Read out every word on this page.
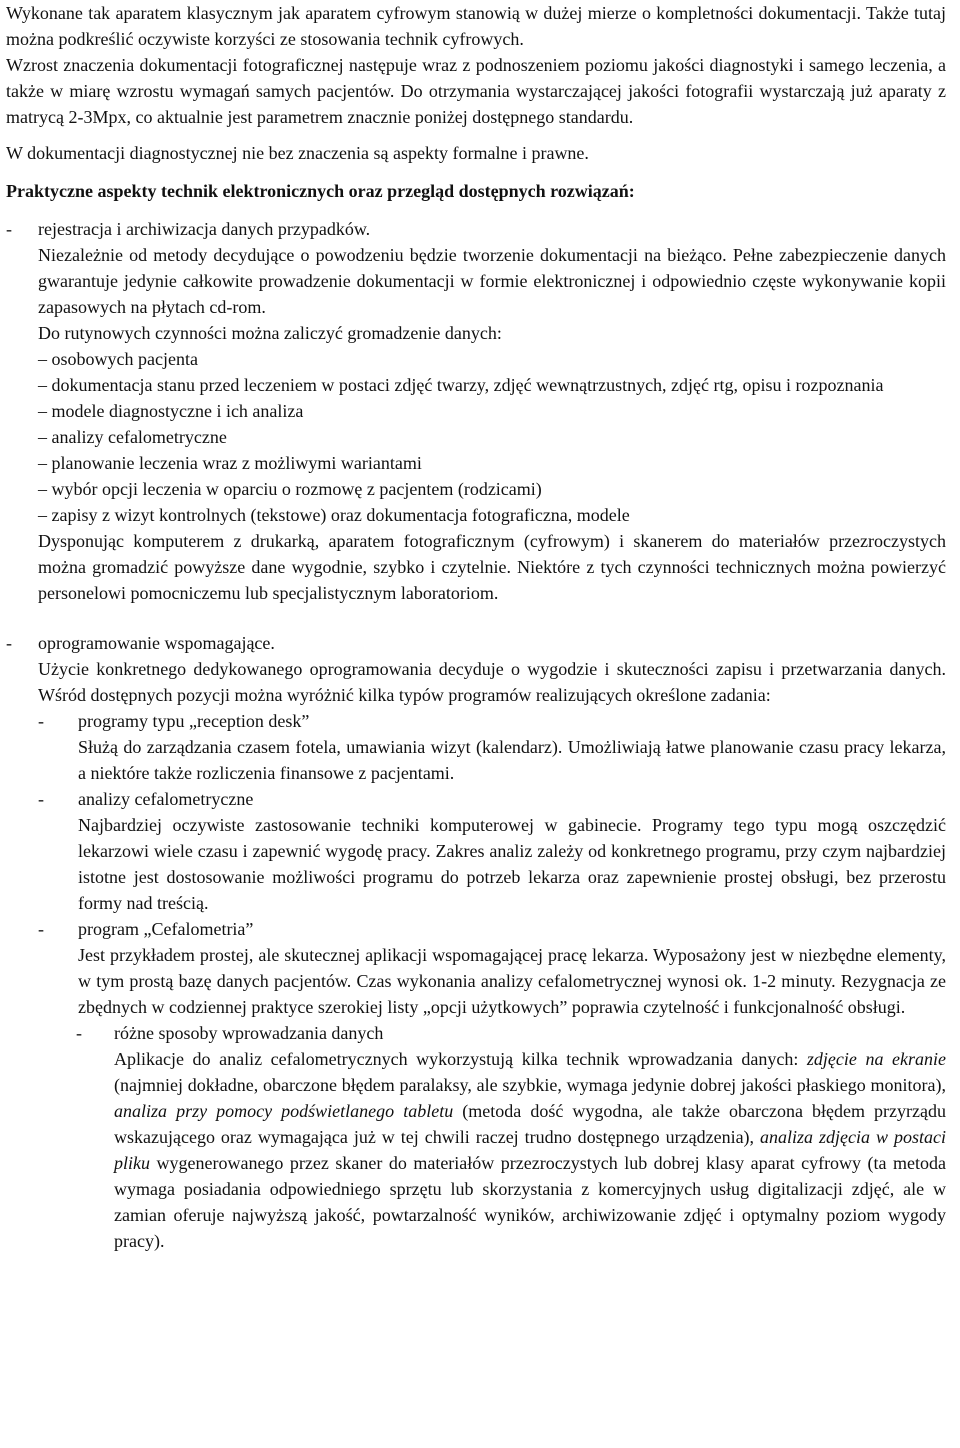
Wykonane tak aparatem klasycznym jak aparatem cyfrowym stanowią w dużej mierze o kompletności dokumentacji. Także tutaj można podkreślić oczywiste korzyści ze stosowania technik cyfrowych.

Wzrost znaczenia dokumentacji fotograficznej następuje wraz z podnoszeniem poziomu jakości diagnostyki i samego leczenia, a także w miarę wzrostu wymagań samych pacjentów. Do otrzymania wystarczającej jakości fotografii wystarczają już aparaty z matrycą 2-3Mpx, co aktualnie jest parametrem znacznie poniżej dostępnego standardu.

W dokumentacji diagnostycznej nie bez znaczenia są aspekty formalne i prawne.

Praktyczne aspekty technik elektronicznych oraz przegląd dostępnych rozwiązań:
- rejestracja i archiwizacja danych przypadków.

Niezależnie od metody decydujące o powodzeniu będzie tworzenie dokumentacji na bieżąco. Pełne zabezpieczenie danych gwarantuje jedynie całkowite prowadzenie dokumentacji w formie elektronicznej i odpowiednio częste wykonywanie kopii zapasowych na płytach cd-rom.

Do rutynowych czynności można zaliczyć gromadzenie danych:

– osobowych pacjenta

– dokumentacja stanu przed leczeniem w postaci zdjęć twarzy, zdjęć wewnątrzustnych, zdjęć rtg, opisu i rozpoznania

– modele diagnostyczne i ich analiza

– analizy cefalometryczne

– planowanie leczenia wraz z możliwymi wariantami

– wybór opcji leczenia w oparciu o rozmowę z pacjentem (rodzicami)

– zapisy z wizyt kontrolnych (tekstowe) oraz dokumentacja fotograficzna, modele

Dysponując komputerem z drukarką, aparatem fotograficznym (cyfrowym) i skanerem do materiałów przezroczystych można gromadzić powyższe dane wygodnie, szybko i czytelnie. Niektóre z tych czynności technicznych można powierzyć personelowi pomocniczemu lub specjalistycznym laboratoriom.

- oprogramowanie wspomagające.

Użycie konkretnego dedykowanego oprogramowania decyduje o wygodzie i skuteczności zapisu i przetwarzania danych. Wśród dostępnych pozycji można wyróżnić kilka typów programów realizujących określone zadania:

- programy typu „reception desk”

Służą do zarządzania czasem fotela, umawiania wizyt (kalendarz). Umożliwiają łatwe planowanie czasu pracy lekarza, a niektóre także rozliczenia finansowe z pacjentami.

- analizy cefalometryczne

Najbardziej oczywiste zastosowanie techniki komputerowej w gabinecie. Programy tego typu mogą oszczędzić lekarzowi wiele czasu i zapewnić wygodę pracy. Zakres analiz zależy od konkretnego programu, przy czym najbardziej istotne jest dostosowanie możliwości programu do potrzeb lekarza oraz zapewnienie prostej obsługi, bez przerostu formy nad treścią.

- program „Cefalometria”

Jest przykładem prostej, ale skutecznej aplikacji wspomagającej pracę lekarza. Wyposażony jest w niezbędne elementy, w tym prostą bazę danych pacjentów. Czas wykonania analizy cefalometrycznej wynosi ok. 1-2 minuty. Rezygnacja ze zbędnych w codziennej praktyce szerokiej listy „opcji użytkowych” poprawia czytelność i funkcjonalność obsługi.

- różne sposoby wprowadzania danych

Aplikacje do analiz cefalometrycznych wykorzystują kilka technik wprowadzania danych: zdjęcie na ekranie (najmniej dokładne, obarczone błędem paralaksy, ale szybkie, wymaga jedynie dobrej jakości płaskiego monitora), analiza przy pomocy podświetlanego tabletu (metoda dość wygodna, ale także obarczona błędem przyrządu wskazującego oraz wymagająca już w tej chwili raczej trudno dostępnego urządzenia), analiza zdjęcia w postaci pliku wygenerowanego przez skaner do materiałów przezroczystych lub dobrej klasy aparat cyfrowy (ta metoda wymaga posiadania odpowiedniego sprzętu lub skorzystania z komercyjnych usług digitalizacji zdjęć, ale w zamian oferuje najwyższą jakość, powtarzalność wyników, archiwizowanie zdjęć i optymalny poziom wygody pracy).
